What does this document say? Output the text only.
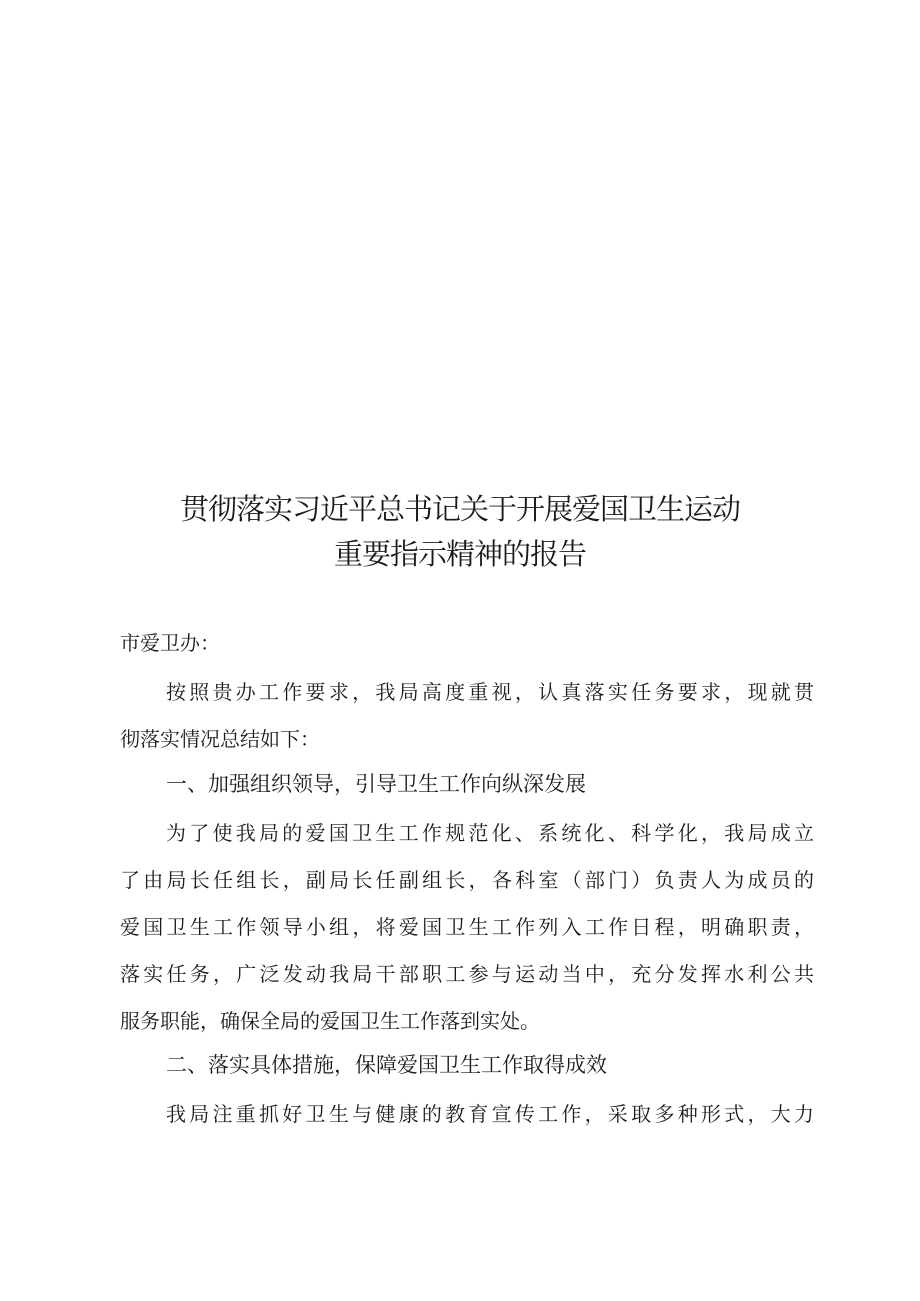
贯彻落实习近平总书记关于开展爱国卫生运动
重要指示精神的报告
市爱卫办：
按照贵办工作要求，我局高度重视，认真落实任务要求，现就贯
彻落实情况总结如下：
一、加强组织领导，引导卫生工作向纵深发展
为了使我局的爱国卫生工作规范化、系统化、科学化，我局成立
了由局长任组长，副局长任副组长，各科室（部门）负责人为成员的
爱国卫生工作领导小组，将爱国卫生工作列入工作日程，明确职责，
落实任务，广泛发动我局干部职工参与运动当中，充分发挥水利公共
服务职能，确保全局的爱国卫生工作落到实处。
二、落实具体措施，保障爱国卫生工作取得成效
我局注重抓好卫生与健康的教育宣传工作，采取多种形式，大力
